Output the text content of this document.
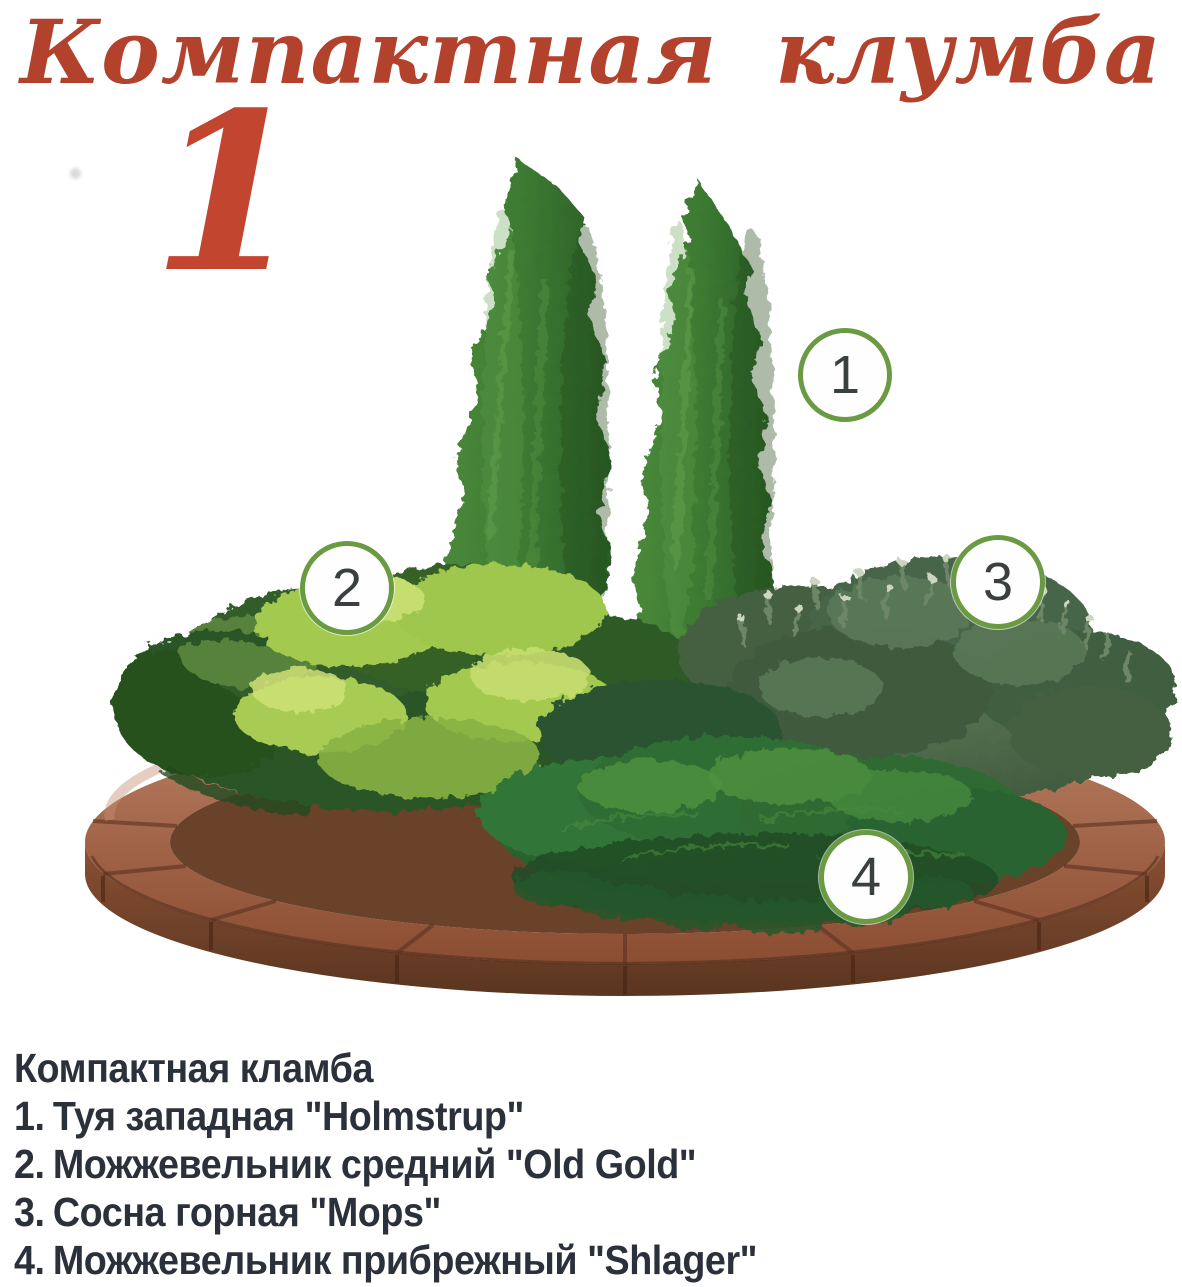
Компактная клумба
1
1
2	3
4
Компактная кламба
1. Туя западная "Holmstrup"
2. Можжевельник средний "Old Gold"
3. Сосна горная "Mops"
4. Можжевельник прибрежный "Shlager"
